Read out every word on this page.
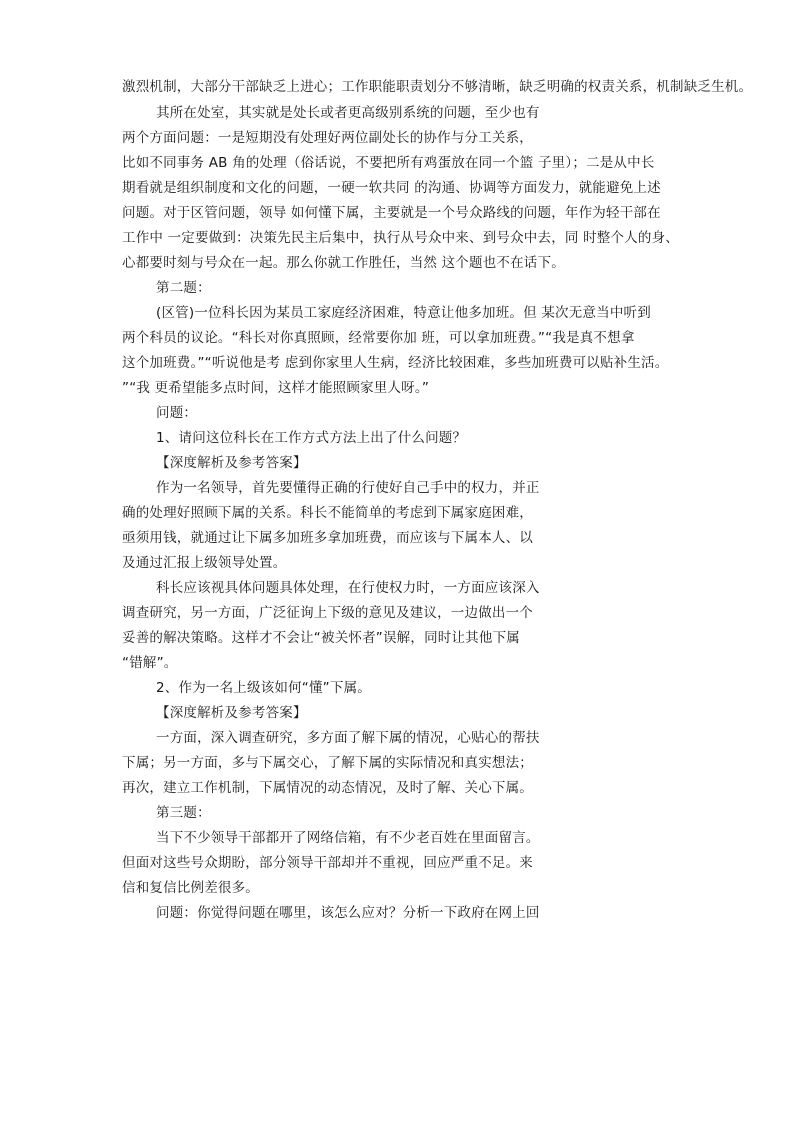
激烈机制，大部分干部缺乏上进心；工作职能职责划分不够清晰，缺乏明确的权责关系，机制缺乏生机。
其所在处室，其实就是处长或者更高级别系统的问题，至少也有
两个方面问题：一是短期没有处理好两位副处长的协作与分工关系，
比如不同事务 AB 角的处理（俗话说，不要把所有鸡蛋放在同一个篮 子里）；二是从中长
期看就是组织制度和文化的问题，一硬一软共同 的沟通、协调等方面发力，就能避免上述
问题。对于区管问题，领导 如何懂下属，主要就是一个号众路线的问题，年作为轻干部在
工作中 一定要做到：决策先民主后集中，执行从号众中来、到号众中去，同 时整个人的身、
心都要时刻与号众在一起。那么你就工作胜任，当然 这个题也不在话下。
第二题：
(区管)一位科长因为某员工家庭经济困难，特意让他多加班。但 某次无意当中听到
两个科员的议论。“科长对你真照顾，经常要你加 班，可以拿加班费。”“我是真不想拿
这个加班费。”“听说他是考 虑到你家里人生病，经济比较困难，多些加班费可以贴补生活。
”“我 更希望能多点时间，这样才能照顾家里人呀。”
问题：
1、请问这位科长在工作方式方法上出了什么问题？
【深度解析及参考答案】
作为一名领导，首先要懂得正确的行使好自己手中的权力，并正
确的处理好照顾下属的关系。科长不能简单的考虑到下属家庭困难，
亟须用钱，就通过让下属多加班多拿加班费，而应该与下属本人、以
及通过汇报上级领导处置。
科长应该视具体问题具体处理，在行使权力时，一方面应该深入
调查研究，另一方面，广泛征询上下级的意见及建议，一边做出一个
妥善的解决策略。这样才不会让“被关怀者”误解，同时让其他下属
“错解”。
2、作为一名上级该如何“懂”下属。
【深度解析及参考答案】
一方面，深入调查研究，多方面了解下属的情况，心贴心的帮扶
下属；另一方面，多与下属交心，了解下属的实际情况和真实想法；
再次，建立工作机制，下属情况的动态情况，及时了解、关心下属。
第三题：
当下不少领导干部都开了网络信箱，有不少老百姓在里面留言。
但面对这些号众期盼，部分领导干部却并不重视，回应严重不足。来
信和复信比例差很多。
问题：你觉得问题在哪里，该怎么应对？分析一下政府在网上回
